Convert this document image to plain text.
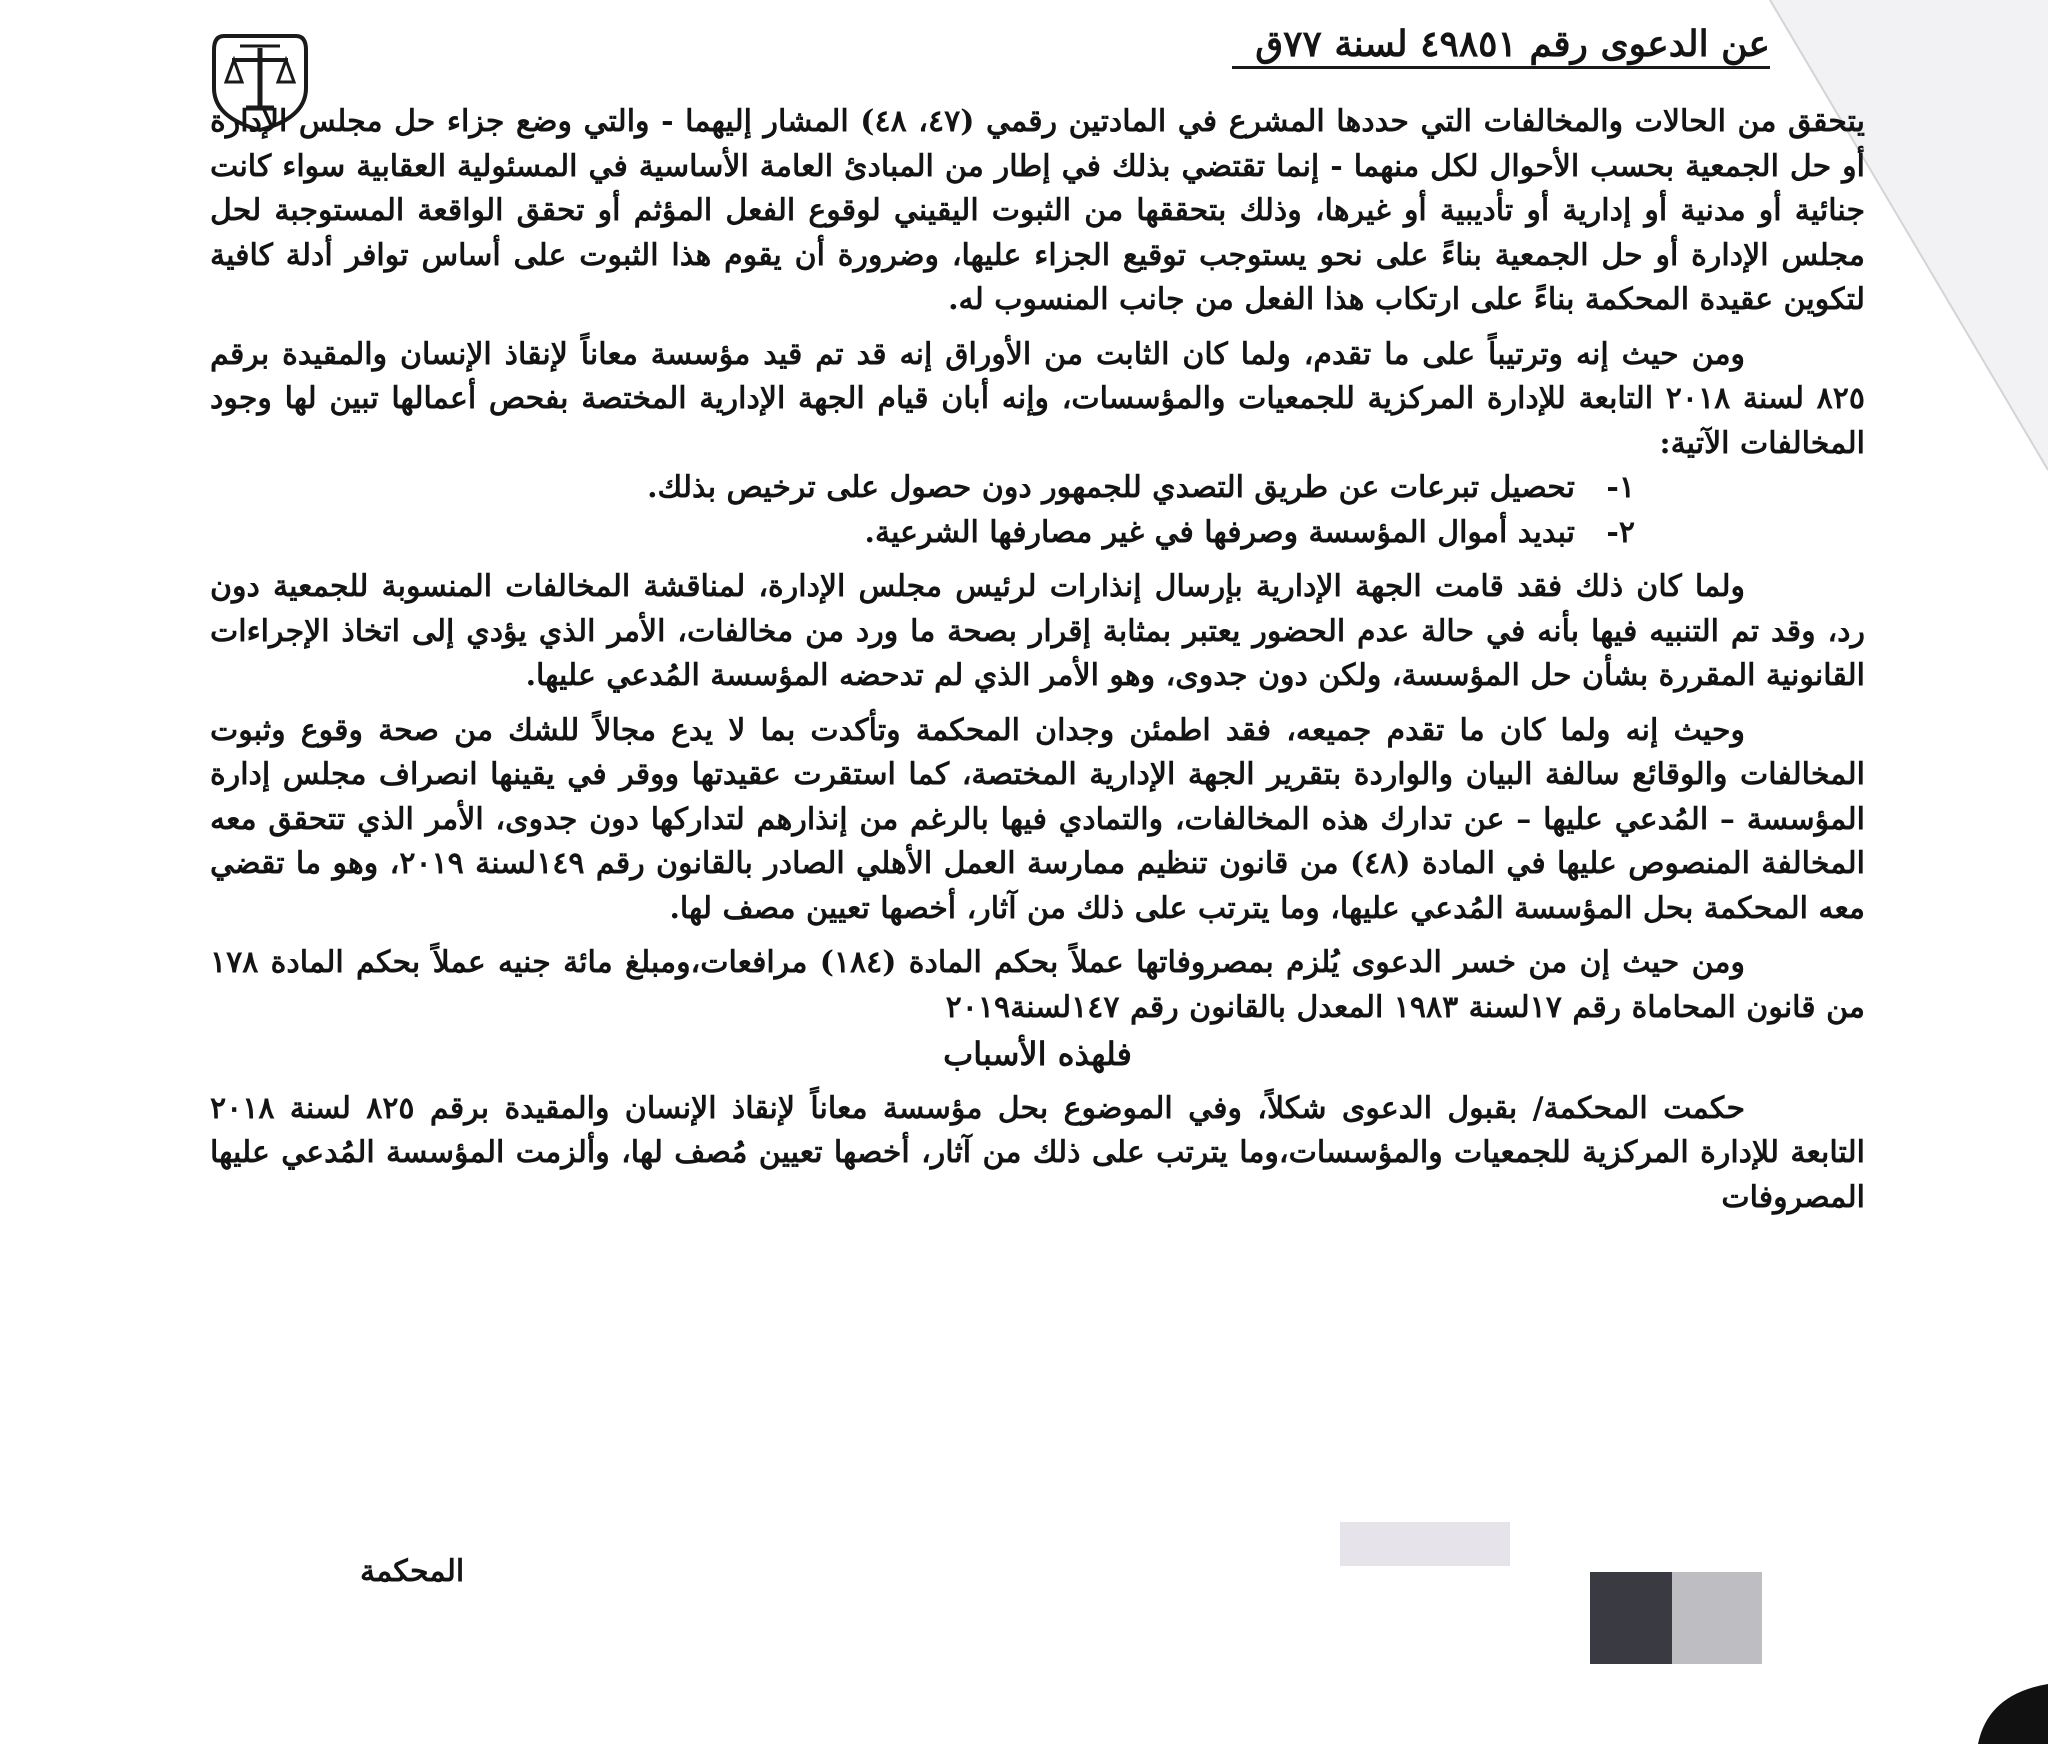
عن الدعوى رقم ٤٩٨٥١ لسنة ٧٧ق

يتحقق من الحالات والمخالفات التي حددها المشرع في المادتين رقمي (٤٧، ٤٨) المشار إليهما - والتي وضع جزاء حل مجلس الإدارة أو حل الجمعية بحسب الأحوال لكل منهما - إنما تقتضي بذلك في إطار من المبادئ العامة الأساسية في المسئولية العقابية سواء كانت جنائية أو مدنية أو إدارية أو تأديبية أو غيرها، وذلك بتحققها من الثبوت اليقيني لوقوع الفعل المؤثم أو تحقق الواقعة المستوجبة لحل مجلس الإدارة أو حل الجمعية بناءً على نحو يستوجب توقيع الجزاء عليها، وضرورة أن يقوم هذا الثبوت على أساس توافر أدلة كافية لتكوين عقيدة المحكمة بناءً على ارتكاب هذا الفعل من جانب المنسوب له.

ومن حيث إنه وترتيباً على ما تقدم، ولما كان الثابت من الأوراق إنه قد تم قيد مؤسسة معاناً لإنقاذ الإنسان والمقيدة برقم ٨٢٥ لسنة ٢٠١٨ التابعة للإدارة المركزية للجمعيات والمؤسسات، وإنه أبان قيام الجهة الإدارية المختصة بفحص أعمالها تبين لها وجود المخالفات الآتية:

١-تحصيل تبرعات عن طريق التصدي للجمهور دون حصول على ترخيص بذلك.

٢-تبديد أموال المؤسسة وصرفها في غير مصارفها الشرعية.

ولما كان ذلك فقد قامت الجهة الإدارية بإرسال إنذارات لرئيس مجلس الإدارة، لمناقشة المخالفات المنسوبة للجمعية دون رد، وقد تم التنبيه فيها بأنه في حالة عدم الحضور يعتبر بمثابة إقرار بصحة ما ورد من مخالفات، الأمر الذي يؤدي إلى اتخاذ الإجراءات القانونية المقررة بشأن حل المؤسسة، ولكن دون جدوى، وهو الأمر الذي لم تدحضه المؤسسة المُدعي عليها.

وحيث إنه ولما كان ما تقدم جميعه، فقد اطمئن وجدان المحكمة وتأكدت بما لا يدع مجالاً للشك من صحة وقوع وثبوت المخالفات والوقائع سالفة البيان والواردة بتقرير الجهة الإدارية المختصة، كما استقرت عقيدتها ووقر في يقينها انصراف مجلس إدارة المؤسسة – المُدعي عليها – عن تدارك هذه المخالفات، والتمادي فيها بالرغم من إنذارهم لتداركها دون جدوى، الأمر الذي تتحقق معه المخالفة المنصوص عليها في المادة (٤٨) من قانون تنظيم ممارسة العمل الأهلي الصادر بالقانون رقم ١٤٩لسنة ٢٠١٩، وهو ما تقضي معه المحكمة بحل المؤسسة المُدعي عليها، وما يترتب على ذلك من آثار، أخصها تعيين مصف لها.

ومن حيث إن من خسر الدعوى يُلزم بمصروفاتها عملاً بحكم المادة (١٨٤) مرافعات،ومبلغ مائة جنيه عملاً بحكم المادة ١٧٨ من قانون المحاماة رقم ١٧لسنة ١٩٨٣ المعدل بالقانون رقم ١٤٧لسنة٢٠١٩

فلهذه الأسباب

حكمت المحكمة/ بقبول الدعوى شكلاً، وفي الموضوع بحل مؤسسة معاناً لإنقاذ الإنسان والمقيدة برقم ٨٢٥ لسنة ٢٠١٨ التابعة للإدارة المركزية للجمعيات والمؤسسات،وما يترتب على ذلك من آثار، أخصها تعيين مُصف لها، وألزمت المؤسسة المُدعي عليها المصروفات

المحكمة
